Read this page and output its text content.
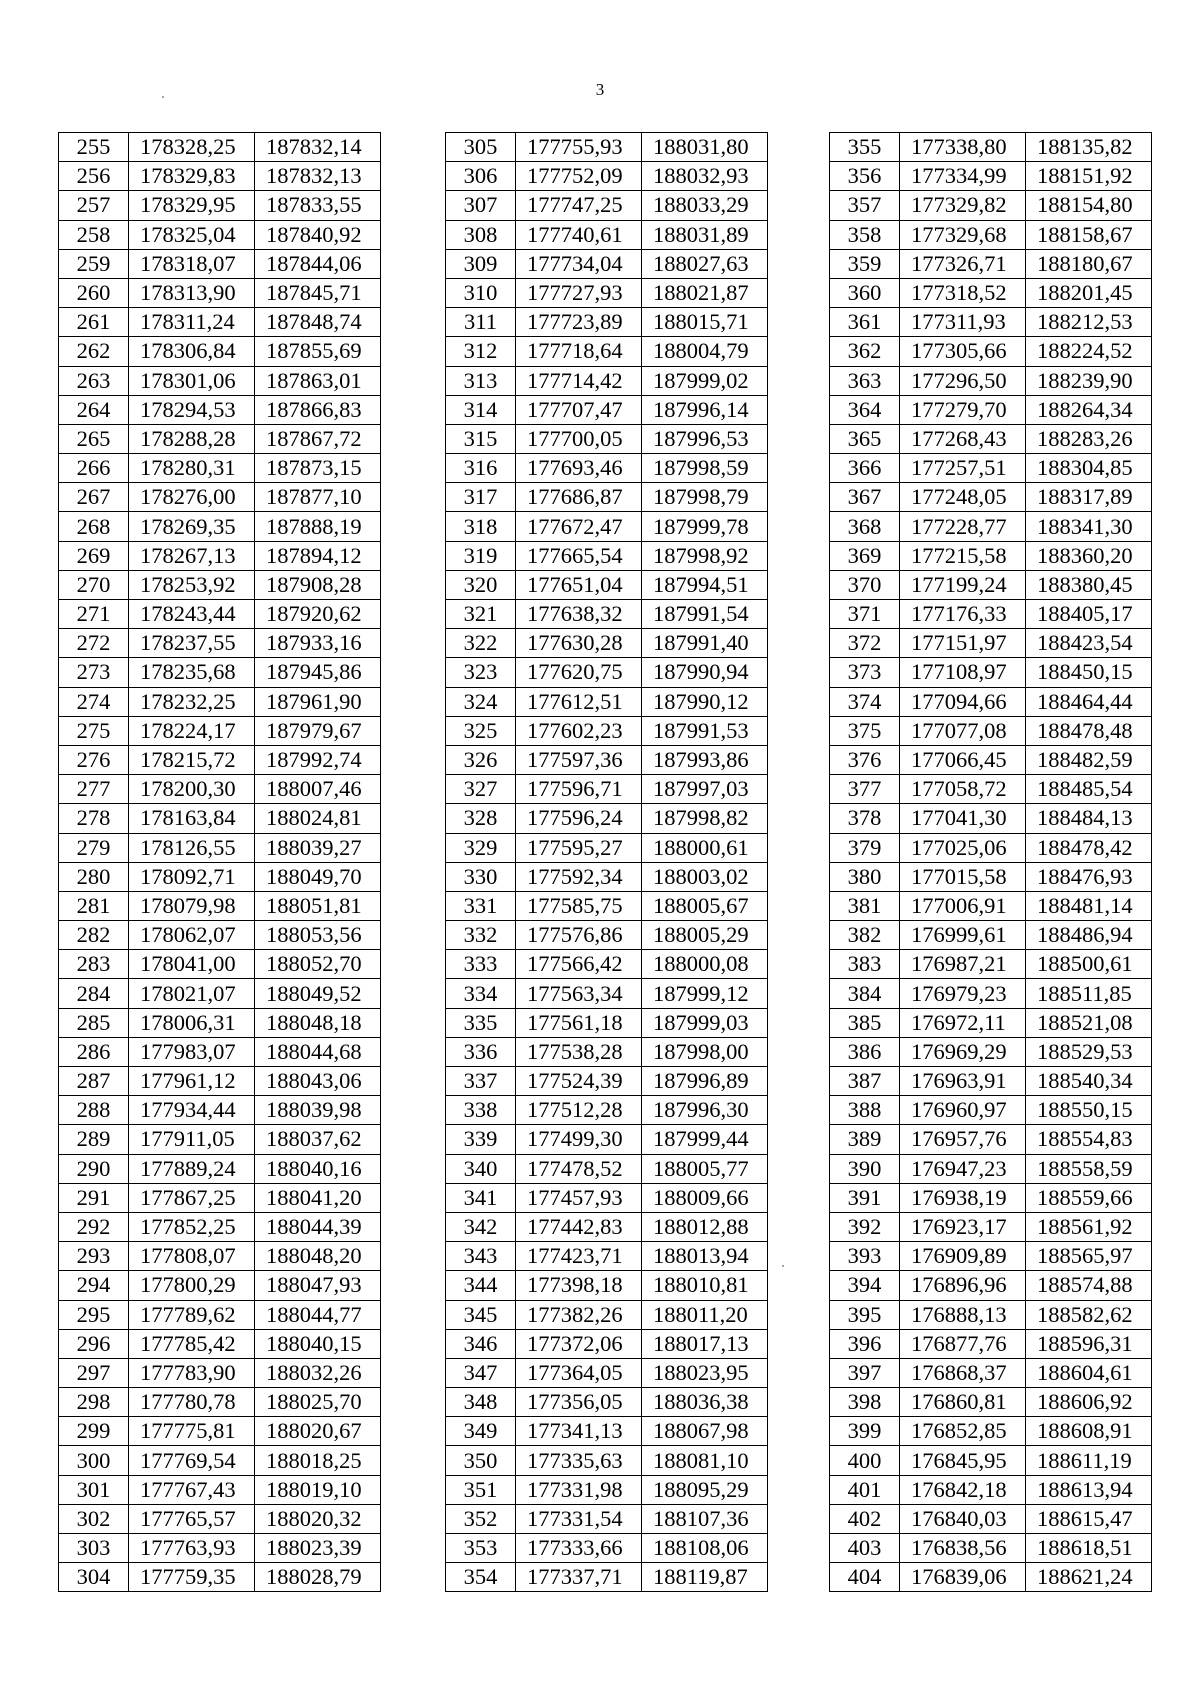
3
255	178328,25	187832,14
256	178329,83	187832,13
257	178329,95	187833,55
258	178325,04	187840,92
259	178318,07	187844,06
260	178313,90	187845,71
261	178311,24	187848,74
262	178306,84	187855,69
263	178301,06	187863,01
264	178294,53	187866,83
265	178288,28	187867,72
266	178280,31	187873,15
267	178276,00	187877,10
268	178269,35	187888,19
269	178267,13	187894,12
270	178253,92	187908,28
271	178243,44	187920,62
272	178237,55	187933,16
273	178235,68	187945,86
274	178232,25	187961,90
275	178224,17	187979,67
276	178215,72	187992,74
277	178200,30	188007,46
278	178163,84	188024,81
279	178126,55	188039,27
280	178092,71	188049,70
281	178079,98	188051,81
282	178062,07	188053,56
283	178041,00	188052,70
284	178021,07	188049,52
285	178006,31	188048,18
286	177983,07	188044,68
287	177961,12	188043,06
288	177934,44	188039,98
289	177911,05	188037,62
290	177889,24	188040,16
291	177867,25	188041,20
292	177852,25	188044,39
293	177808,07	188048,20
294	177800,29	188047,93
295	177789,62	188044,77
296	177785,42	188040,15
297	177783,90	188032,26
298	177780,78	188025,70
299	177775,81	188020,67
300	177769,54	188018,25
301	177767,43	188019,10
302	177765,57	188020,32
303	177763,93	188023,39
304	177759,35	188028,79
305	177755,93	188031,80
306	177752,09	188032,93
307	177747,25	188033,29
308	177740,61	188031,89
309	177734,04	188027,63
310	177727,93	188021,87
311	177723,89	188015,71
312	177718,64	188004,79
313	177714,42	187999,02
314	177707,47	187996,14
315	177700,05	187996,53
316	177693,46	187998,59
317	177686,87	187998,79
318	177672,47	187999,78
319	177665,54	187998,92
320	177651,04	187994,51
321	177638,32	187991,54
322	177630,28	187991,40
323	177620,75	187990,94
324	177612,51	187990,12
325	177602,23	187991,53
326	177597,36	187993,86
327	177596,71	187997,03
328	177596,24	187998,82
329	177595,27	188000,61
330	177592,34	188003,02
331	177585,75	188005,67
332	177576,86	188005,29
333	177566,42	188000,08
334	177563,34	187999,12
335	177561,18	187999,03
336	177538,28	187998,00
337	177524,39	187996,89
338	177512,28	187996,30
339	177499,30	187999,44
340	177478,52	188005,77
341	177457,93	188009,66
342	177442,83	188012,88
343	177423,71	188013,94
344	177398,18	188010,81
345	177382,26	188011,20
346	177372,06	188017,13
347	177364,05	188023,95
348	177356,05	188036,38
349	177341,13	188067,98
350	177335,63	188081,10
351	177331,98	188095,29
352	177331,54	188107,36
353	177333,66	188108,06
354	177337,71	188119,87
355	177338,80	188135,82
356	177334,99	188151,92
357	177329,82	188154,80
358	177329,68	188158,67
359	177326,71	188180,67
360	177318,52	188201,45
361	177311,93	188212,53
362	177305,66	188224,52
363	177296,50	188239,90
364	177279,70	188264,34
365	177268,43	188283,26
366	177257,51	188304,85
367	177248,05	188317,89
368	177228,77	188341,30
369	177215,58	188360,20
370	177199,24	188380,45
371	177176,33	188405,17
372	177151,97	188423,54
373	177108,97	188450,15
374	177094,66	188464,44
375	177077,08	188478,48
376	177066,45	188482,59
377	177058,72	188485,54
378	177041,30	188484,13
379	177025,06	188478,42
380	177015,58	188476,93
381	177006,91	188481,14
382	176999,61	188486,94
383	176987,21	188500,61
384	176979,23	188511,85
385	176972,11	188521,08
386	176969,29	188529,53
387	176963,91	188540,34
388	176960,97	188550,15
389	176957,76	188554,83
390	176947,23	188558,59
391	176938,19	188559,66
392	176923,17	188561,92
393	176909,89	188565,97
394	176896,96	188574,88
395	176888,13	188582,62
396	176877,76	188596,31
397	176868,37	188604,61
398	176860,81	188606,92
399	176852,85	188608,91
400	176845,95	188611,19
401	176842,18	188613,94
402	176840,03	188615,47
403	176838,56	188618,51
404	176839,06	188621,24
